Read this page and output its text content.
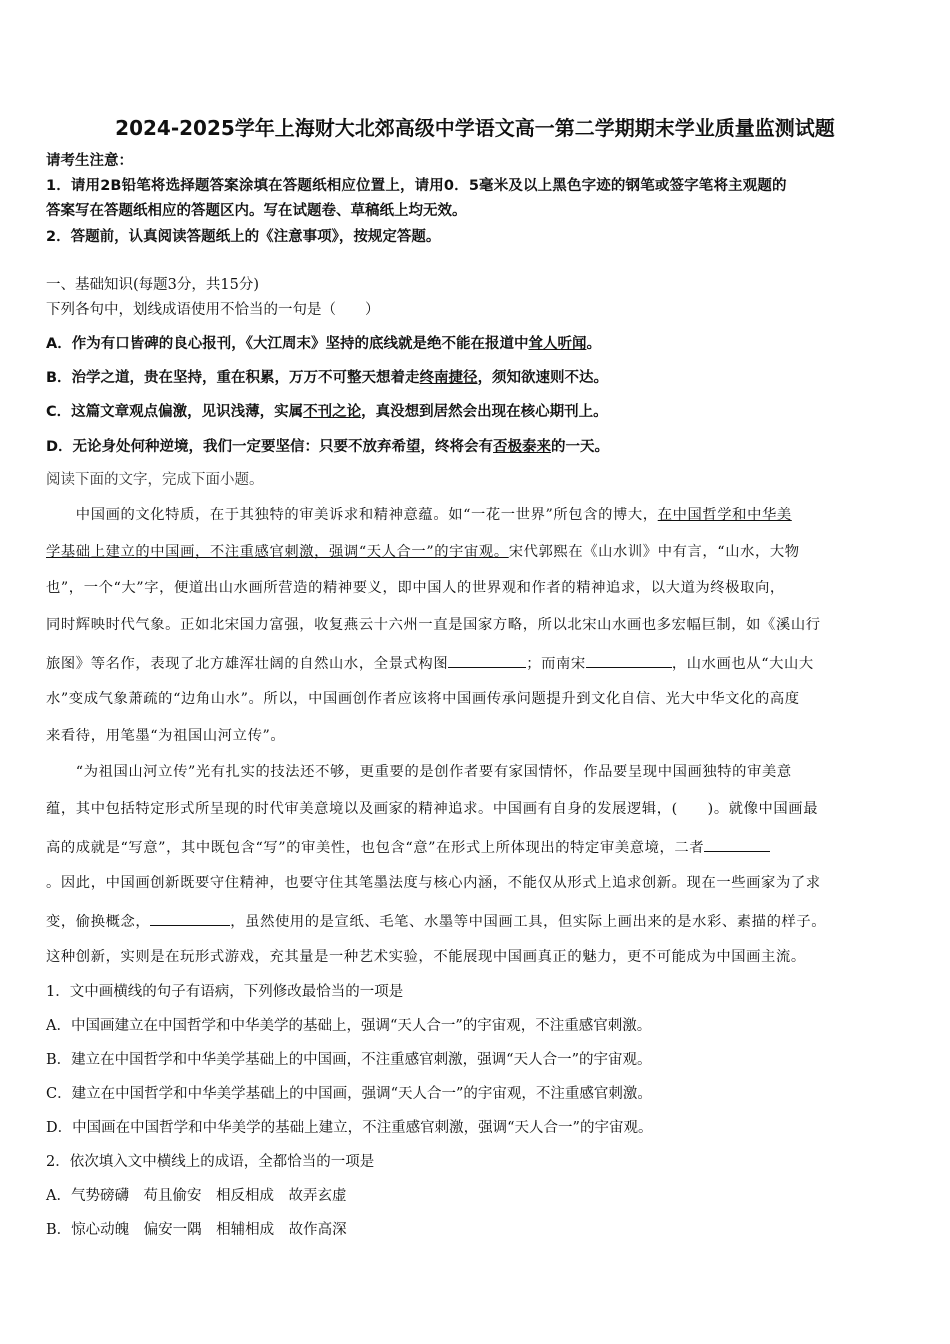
2024-2025学年上海财大北郊高级中学语文高一第二学期期末学业质量监测试题
请考生注意：
1．请用2B铅笔将选择题答案涂填在答题纸相应位置上，请用0．5毫米及以上黑色字迹的钢笔或签字笔将主观题的
答案写在答题纸相应的答题区内。写在试题卷、草稿纸上均无效。
2．答题前，认真阅读答题纸上的《注意事项》，按规定答题。
一、基础知识(每题3分，共15分)
下列各句中，划线成语使用不恰当的一句是（　　）
A．作为有口皆碑的良心报刊，《大江周末》坚持的底线就是绝不能在报道中耸人听闻。
B．治学之道，贵在坚持，重在积累，万万不可整天想着走终南捷径，须知欲速则不达。
C．这篇文章观点偏激，见识浅薄，实属不刊之论，真没想到居然会出现在核心期刊上。
D．无论身处何种逆境，我们一定要坚信：只要不放弃希望，终将会有否极泰来的一天。
阅读下面的文字，完成下面小题。
　　中国画的文化特质，在于其独特的审美诉求和精神意蕴。如“一花一世界”所包含的博大，在中国哲学和中华美
学基础上建立的中国画，不注重感官刺激，强调“天人合一”的宇宙观。宋代郭熙在《山水训》中有言，“山水，大物
也”，一个“大”字，便道出山水画所营造的精神要义，即中国人的世界观和作者的精神追求，以大道为终极取向，
同时辉映时代气象。正如北宋国力富强，收复燕云十六州一直是国家方略，所以北宋山水画也多宏幅巨制，如《溪山行
旅图》等名作，表现了北方雄浑壮阔的自然山水，全景式构图	；而南宋	，山水画也从“大山大
水”变成气象萧疏的“边角山水”。所以，中国画创作者应该将中国画传承问题提升到文化自信、光大中华文化的高度
来看待，用笔墨“为祖国山河立传”。
　　“为祖国山河立传”光有扎实的技法还不够，更重要的是创作者要有家国情怀，作品要呈现中国画独特的审美意
蕴，其中包括特定形式所呈现的时代审美意境以及画家的精神追求。中国画有自身的发展逻辑，(　　)。就像中国画最
高的成就是“写意”，其中既包含“写”的审美性，也包含“意”在形式上所体现出的特定审美意境，二者
。因此，中国画创新既要守住精神，也要守住其笔墨法度与核心内涵，不能仅从形式上追求创新。现在一些画家为了求
变，偷换概念，	，虽然使用的是宣纸、毛笔、水墨等中国画工具，但实际上画出来的是水彩、素描的样子。
这种创新，实则是在玩形式游戏，充其量是一种艺术实验，不能展现中国画真正的魅力，更不可能成为中国画主流。
1．文中画横线的句子有语病，下列修改最恰当的一项是
A．中国画建立在中国哲学和中华美学的基础上，强调“天人合一”的宇宙观，不注重感官刺激。
B．建立在中国哲学和中华美学基础上的中国画，不注重感官刺激，强调“天人合一”的宇宙观。
C．建立在中国哲学和中华美学基础上的中国画，强调“天人合一”的宇宙观，不注重感官刺激。
D．中国画在中国哲学和中华美学的基础上建立，不注重感官刺激，强调“天人合一”的宇宙观。
2．依次填入文中横线上的成语，全都恰当的一项是
A．气势磅礴　苟且偷安　相反相成　故弄玄虚
B．惊心动魄　偏安一隅　相辅相成　故作高深
